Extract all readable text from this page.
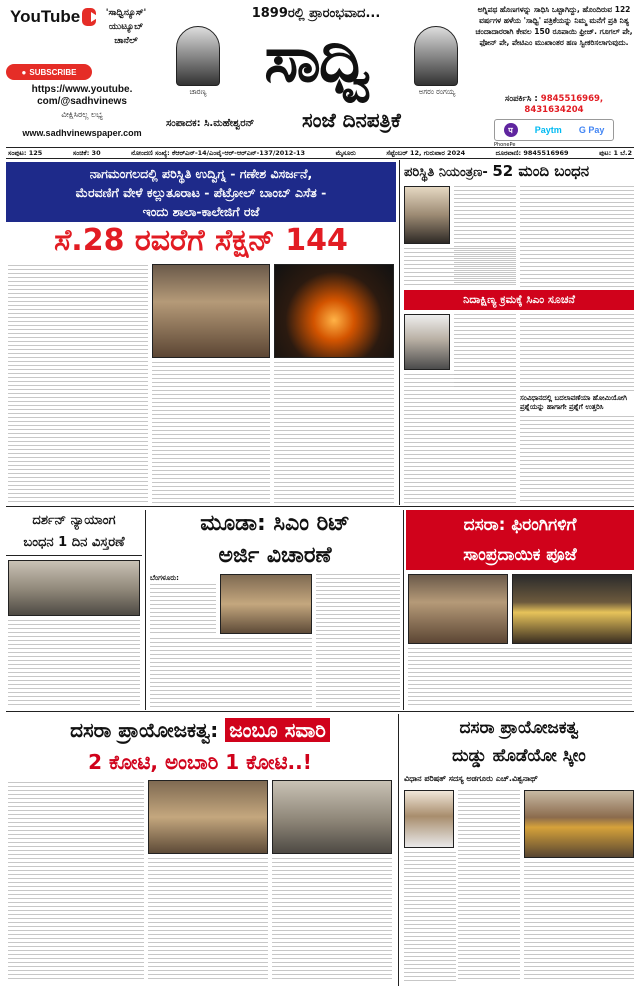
YouTube
● SUBSCRIBE
'ಸಾಧ್ವಿನ್ಯೂಸ್'
ಯುಟ್ಯೂಬ್
ಚಾನೆಲ್
https://www.youtube.
com/@sadhvinews
ವೀಕ್ಷಿಸಿರಲ್ಲ ಲಭ್ಯ
www.sadhvinewspaper.com
1899ರಲ್ಲಿ ಪ್ರಾರಂಭವಾದ...
ಚಾರಣ್ಯ ಸಾಧ್ವಿ	ಅಗರಂ ರಂಗಯ್ಯ
ಸಂಪಾದಕ: ಸಿ.ಮಹೇಶ್ವರನ್	ಸಂಜೆ ದಿನಪತ್ರಿಕೆ
ಅಗ್ನಿಪಥ ಹೊಣಗಳನ್ನು ಸಾಧಿಸಿ ಒಟ್ಟಾಗಿದ್ದು, ಹೊಂದಿರುವ 122 ವರ್ಷಗಳ ಹಳೆಯ 'ಸಾಧ್ವಿ' ಪತ್ರಿಕೆಯನ್ನು ನಿಮ್ಮ ಮನೆಗೆ ಪ್ರತಿ ನಿತ್ಯ ಚಂದಾದಾರರಾಗಿ ಕೇವಲ 150 ರೂಪಾಯಿ ಫ್ರೀಜ್. ಗೂಗಲ್ ಪೇ, ಫೋನ್ ಪೇ, ಪೇಟಿಎಂ ಮುಖಾಂತರ ಹಣ ಸ್ವೀಕರಿಸಲಾಗುವುದು.
ಸಂಪರ್ಕಿಸಿ : 9845516969,
8431634204
प	Paytm G Pay
PhonePe
ಸಂಪುಟ: 125	ಸಂಚಿಕೆ: 30	ನೋಂದಣಿ ಸಂಖ್ಯೆ: ಕೆಆರ್‌ಎನ್-14/ಎಂವೈ-ಆರ್-ಆರ್‌ಎನ್-137/2012-13	ಮೈಸೂರು	ಸೆಪ್ಟೆಂಬರ್ 12, ಗುರುವಾರ 2024	ದೂರವಾಣಿ: 9845516969	ಪುಟ: 1 ಬೆ.2
ನಾಗಮಂಗಲದಲ್ಲಿ ಪರಿಸ್ಥಿತಿ ಉದ್ವಿಗ್ನ - ಗಣೇಶ ವಿಸರ್ಜನೆ,
ಮೆರವಣಿಗೆ ವೇಳೆ ಕಲ್ಲುತೂರಾಟ - ಪೆಟ್ರೋಲ್ ಬಾಂಬ್ ಎಸೆತ -
ಇಂದು ಶಾಲಾ-ಕಾಲೇಜಿಗೆ ರಜೆ
ಸೆ.28 ರವರೆಗೆ ಸೆಕ್ಷನ್ 144
ಪರಿಸ್ಥಿತಿ ನಿಯಂತ್ರಣ- 52 ಮಂದಿ ಬಂಧನ
ನಿದಾಕ್ಷಿಣ್ಯ ಕ್ರಮಕ್ಕೆ ಸಿಎಂ ಸೂಚನೆ
ಸಂವಿಧಾನದಲ್ಲಿ ಬದಲಾವಣೆಯಾ ಹೋಮಿಯೋಗಿ ಪ್ರಶ್ನೆಯನ್ನು ಹಾಗಾಗೇ ಪ್ರಶ್ನೆಗೆ ಉತ್ತರಿಸಿ
ದರ್ಶನ್ ನ್ಯಾಯಾಂಗ
ಬಂಧನ 1 ದಿನ ವಿಸ್ತರಣೆ
ಮೂಡಾ: ಸಿಎಂ ರಿಟ್
ಅರ್ಜಿ ವಿಚಾರಣೆ
ಬೆಂಗಳೂರು:
ದಸರಾ: ಫಿರಂಗಿಗಳಿಗೆ
ಸಾಂಪ್ರದಾಯಿಕ ಪೂಜೆ
ದಸರಾ ಪ್ರಾಯೋಜಕತ್ವ: ಜಂಬೂ ಸವಾರಿ
2 ಕೋಟಿ, ಅಂಬಾರಿ 1 ಕೋಟಿ..!
ದಸರಾ ಪ್ರಾಯೋಜಕತ್ವ
ದುಡ್ಡು ಹೊಡೆಯೋ ಸ್ಕೀಂ
ವಿಧಾನ ಪರಿಷತ್ ಸದಸ್ಯ ಅಡಗೂರು ಎಚ್.ವಿಶ್ವನಾಥ್
